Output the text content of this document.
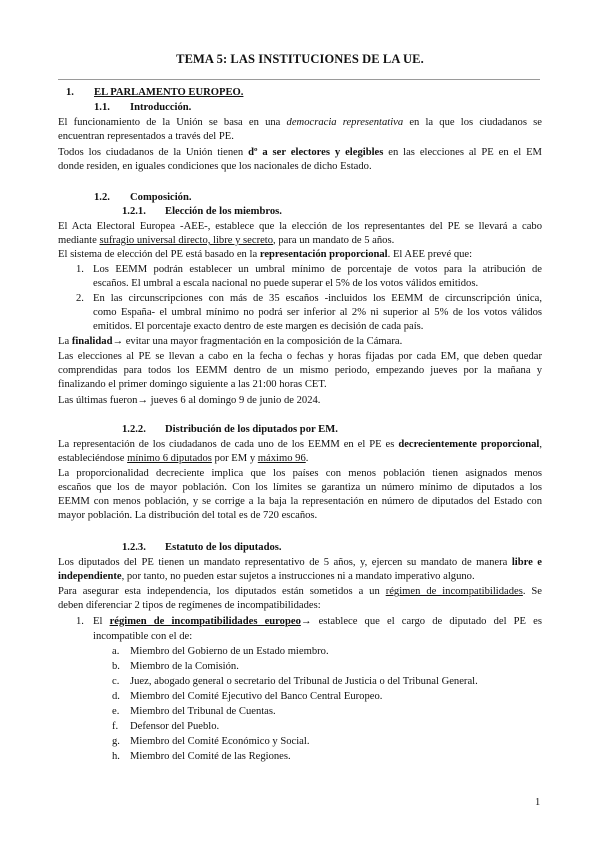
TEMA 5: LAS INSTITUCIONES DE LA UE.
1. EL PARLAMENTO EUROPEO.
1.1. Introducción.
El funcionamiento de la Unión se basa en una democracia representativa en la que los ciudadanos se
encuentran representados a través del PE.
Todos los ciudadanos de la Unión tienen dº a ser electores y elegibles en las elecciones al PE en el EM
donde residen, en iguales condiciones que los nacionales de dicho Estado.
1.2. Composición.
1.2.1. Elección de los miembros.
El Acta Electoral Europea -AEE-, establece que la elección de los representantes del PE se llevará a cabo
mediante sufragio universal directo, libre y secreto, para un mandato de 5 años.
El sistema de elección del PE está basado en la representación proporcional. El AEE prevé que:
1. Los EEMM podrán establecer un umbral mínimo de porcentaje de votos para la atribución de
escaños. El umbral a escala nacional no puede superar el 5% de los votos válidos emitidos.
2. En las circunscripciones con más de 35 escaños -incluidos los EEMM de circunscripción única,
como España- el umbral mínimo no podrá ser inferior al 2% ni superior al 5% de los votos válidos
emitidos. El porcentaje exacto dentro de este margen es decisión de cada país.
La finalidad→ evitar una mayor fragmentación en la composición de la Cámara.
Las elecciones al PE se llevan a cabo en la fecha o fechas y horas fijadas por cada EM, que deben quedar
comprendidas para todos los EEMM dentro de un mismo periodo, empezando jueves por la mañana y
finalizando el primer domingo siguiente a las 21:00 horas CET.
Las últimas fueron→ jueves 6 al domingo 9 de junio de 2024.
1.2.2. Distribución de los diputados por EM.
La representación de los ciudadanos de cada uno de los EEMM en el PE es decrecientemente proporcional,
estableciéndose mínimo 6 diputados por EM y máximo 96.
La proporcionalidad decreciente implica que los países con menos población tienen asignados menos
escaños que los de mayor población. Con los límites se garantiza un número mínimo de diputados a los
EEMM con menos población, y se corrige a la baja la representación en número de diputados del Estado con
mayor población. La distribución del total es de 720 escaños.
1.2.3. Estatuto de los diputados.
Los diputados del PE tienen un mandato representativo de 5 años, y, ejercen su mandato de manera libre e
independiente, por tanto, no pueden estar sujetos a instrucciones ni a mandato imperativo alguno.
Para asegurar esta independencia, los diputados están sometidos a un régimen de incompatibilidades. Se
deben diferenciar 2 tipos de regímenes de incompatibilidades:
1. El régimen de incompatibilidades europeo→ establece que el cargo de diputado del PE es
incompatible con el de:
a. Miembro del Gobierno de un Estado miembro.
b. Miembro de la Comisión.
c. Juez, abogado general o secretario del Tribunal de Justicia o del Tribunal General.
d. Miembro del Comité Ejecutivo del Banco Central Europeo.
e. Miembro del Tribunal de Cuentas.
f. Defensor del Pueblo.
g. Miembro del Comité Económico y Social.
h. Miembro del Comité de las Regiones.
1
